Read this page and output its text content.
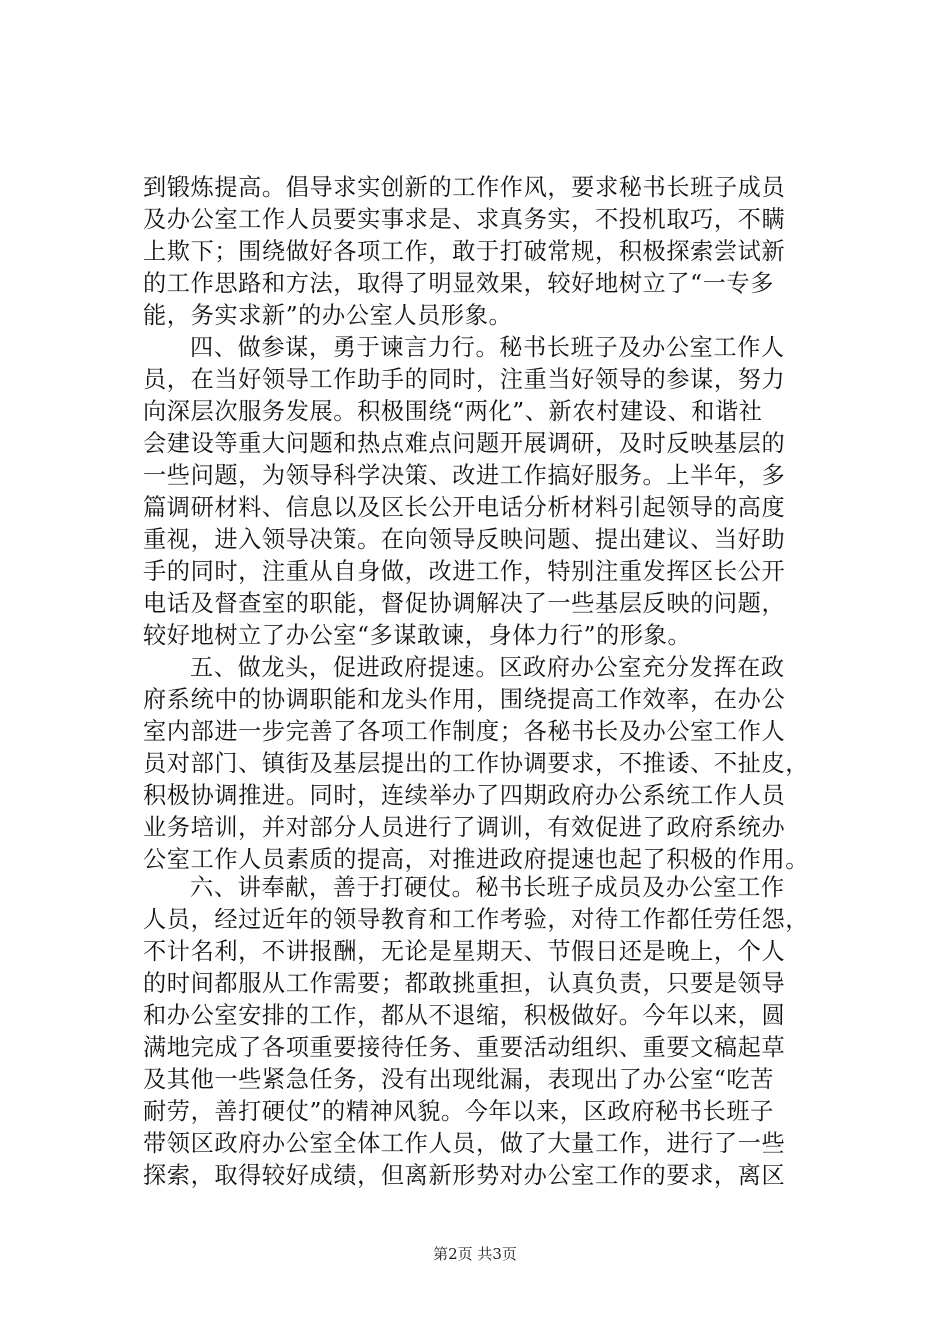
到锻炼提高。倡导求实创新的工作作风，要求秘书长班子成员
及办公室工作人员要实事求是、求真务实，不投机取巧，不瞒
上欺下；围绕做好各项工作，敢于打破常规，积极探索尝试新
的工作思路和方法，取得了明显效果，较好地树立了“一专多
能，务实求新”的办公室人员形象。
四、做参谋，勇于谏言力行。秘书长班子及办公室工作人
员，在当好领导工作助手的同时，注重当好领导的参谋，努力
向深层次服务发展。积极围绕“两化”、新农村建设、和谐社
会建设等重大问题和热点难点问题开展调研，及时反映基层的
一些问题，为领导科学决策、改进工作搞好服务。上半年，多
篇调研材料、信息以及区长公开电话分析材料引起领导的高度
重视，进入领导决策。在向领导反映问题、提出建议、当好助
手的同时，注重从自身做，改进工作，特别注重发挥区长公开
电话及督查室的职能，督促协调解决了一些基层反映的问题，
较好地树立了办公室“多谋敢谏，身体力行”的形象。
五、做龙头，促进政府提速。区政府办公室充分发挥在政
府系统中的协调职能和龙头作用，围绕提高工作效率，在办公
室内部进一步完善了各项工作制度；各秘书长及办公室工作人
员对部门、镇街及基层提出的工作协调要求，不推诿、不扯皮，
积极协调推进。同时，连续举办了四期政府办公系统工作人员
业务培训，并对部分人员进行了调训，有效促进了政府系统办
公室工作人员素质的提高，对推进政府提速也起了积极的作用。
六、讲奉献，善于打硬仗。秘书长班子成员及办公室工作
人员，经过近年的领导教育和工作考验，对待工作都任劳任怨，
不计名利，不讲报酬，无论是星期天、节假日还是晚上，个人
的时间都服从工作需要；都敢挑重担，认真负责，只要是领导
和办公室安排的工作，都从不退缩，积极做好。今年以来，圆
满地完成了各项重要接待任务、重要活动组织、重要文稿起草
及其他一些紧急任务，没有出现纰漏，表现出了办公室“吃苦
耐劳，善打硬仗”的精神风貌。今年以来，区政府秘书长班子
带领区政府办公室全体工作人员，做了大量工作，进行了一些
探索，取得较好成绩，但离新形势对办公室工作的要求，离区
第2页 共3页
